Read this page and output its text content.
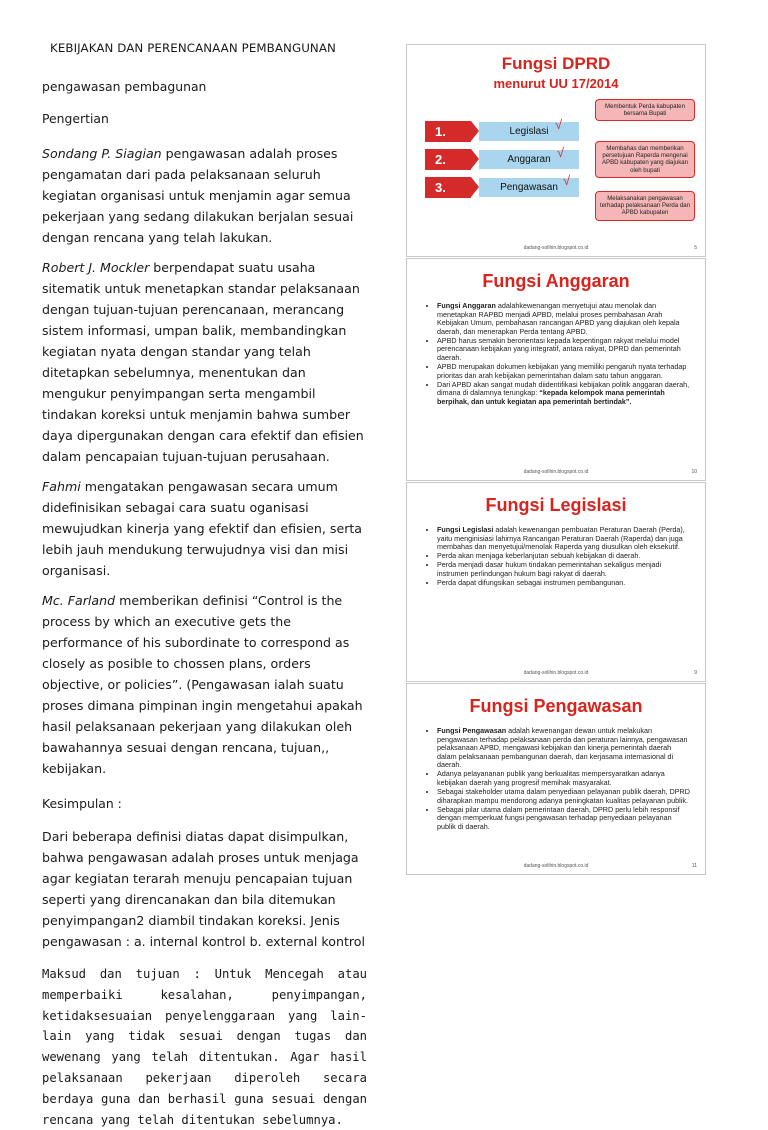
KEBIJAKAN DAN PERENCANAAN PEMBANGUNAN

pengawasan pembagunan

Pengertian

Sondang P. Siagian pengawasan adalah proses pengamatan dari pada pelaksanaan seluruh kegiatan organisasi untuk menjamin agar semua pekerjaan yang sedang dilakukan berjalan sesuai dengan rencana yang telah lakukan.

Robert J. Mockler berpendapat suatu usaha sitematik untuk menetapkan standar pelaksanaan dengan tujuan-tujuan perencanaan, merancang sistem informasi, umpan balik, membandingkan kegiatan nyata dengan standar yang telah ditetapkan sebelumnya, menentukan dan mengukur penyimpangan serta mengambil tindakan koreksi untuk menjamin bahwa sumber daya dipergunakan dengan cara efektif dan efisien dalam pencapaian tujuan-tujuan perusahaan.

Fahmi mengatakan pengawasan secara umum didefinisikan sebagai cara suatu oganisasi mewujudkan kinerja yang efektif dan efisien, serta lebih jauh mendukung terwujudnya visi dan misi organisasi.

Mc. Farland memberikan definisi “Control is the process by which an executive gets the performance of his subordinate to correspond as closely as posible to chossen plans, orders objective, or policies”. (Pengawasan ialah suatu proses dimana pimpinan ingin mengetahui apakah hasil pelaksanaan pekerjaan yang dilakukan oleh bawahannya sesuai dengan rencana, tujuan,, kebijakan.

Kesimpulan :

Dari beberapa definisi diatas dapat disimpulkan, bahwa pengawasan adalah proses untuk menjaga agar kegiatan terarah menuju pencapaian tujuan seperti yang direncanakan dan bila ditemukan penyimpangan2 diambil tindakan koreksi. Jenis pengawasan : a. internal kontrol b. external kontrol

Maksud dan tujuan : Untuk Mencegah atau memperbaiki kesalahan, penyimpangan, ketidaksesuaian penyelenggaraan yang lain-lain yang tidak sesuai dengan tugas dan wewenang yang telah ditentukan. Agar hasil pelaksanaan pekerjaan diperoleh secara berdaya guna dan berhasil guna sesuai dengan rencana yang telah ditentukan sebelumnya.

Fungsi DPRD
menurut UU 17/2014
1.	Legislasi √
Membentuk Perda kabupaten bersama Bupati
2.	Anggaran √	Membahas dan memberikan persetujuan Raperda mengenai APBD kabupaten yang diajukan oleh bupati
3.	Pengawasan √
Melaksanakan pengawasan terhadap pelaksanaan Perda dan APBD kabupaten
dadang-solihin.blogspot.co.id	5
Fungsi Anggaran
• Fungsi Anggaran adalahkewenangan menyetujui atau menolak dan menetapkan RAPBD menjadi APBD, melalui proses pembahasan Arah Kebijakan Umum, pembahasan rancangan APBD yang diajukan oleh kepala daerah, dan menerapkan Perda tentang APBD.
• APBD harus semakin berorientasi kepada kepentingan rakyat melalui model perencanaan kebijakan yang integratif, antara rakyat, DPRD dan pemerintah daerah.
• APBD merupakan dokumen kebijakan yang memiliki pengaruh nyata terhadap prioritas dan arah kebijakan pemerintahan dalam satu tahun anggaran.
• Dari APBD akan sangat mudah diidentifikasi kebijakan politik anggaran daerah, dimana di dalamnya terungkap: “kepada kelompok mana pemerintah berpihak, dan untuk kegiatan apa pemerintah bertindak”.
dadang-solihin.blogspot.co.id	10
Fungsi Legislasi
• Fungsi Legislasi adalah kewenangan pembuatan Peraturan Daerah (Perda), yaitu menginisiasi lahirnya Rancangan Peraturan Daerah (Raperda) dan juga membahas dan menyetujui/menolak Raperda yang diusulkan oleh eksekutif.
• Perda akan menjaga keberlanjutan sebuah kebijakan di daerah.
• Perda menjadi dasar hukum tindakan pemerintahan sekaligus menjadi instrumen perlindungan hukum bagi rakyat di daerah.
• Perda dapat difungsikan sebagai instrumen pembangunan.
dadang-solihin.blogspot.co.id	9
Fungsi Pengawasan
• Fungsi Pengawasan adalah kewenangan dewan untuk melakukan pengawasan terhadap pelaksanaan perda dan peraturan lainnya, pengawasan pelaksanaan APBD, mengawasi kebijakan dan kinerja pemerintah daerah dalam pelaksanaan pembangunan daerah, dan kerjasama internasional di daerah.
• Adanya pelayananan publik yang berkualitas mempersyaratkan adanya kebijakan daerah yang progresif memihak masyarakat.
• Sebagai stakeholder utama dalam penyediaan pelayanan publik daerah, DPRD diharapkan mampu mendorong adanya peningkatan kualitas pelayanan publik.
• Sebagai pilar utama dalam pemerintaan daerah, DPRD perlu lebih responsif dengan memperkuat fungsi pengawasan terhadap penyediaan pelayanan publik di daerah.
dadang-solihin.blogspot.co.id	11
